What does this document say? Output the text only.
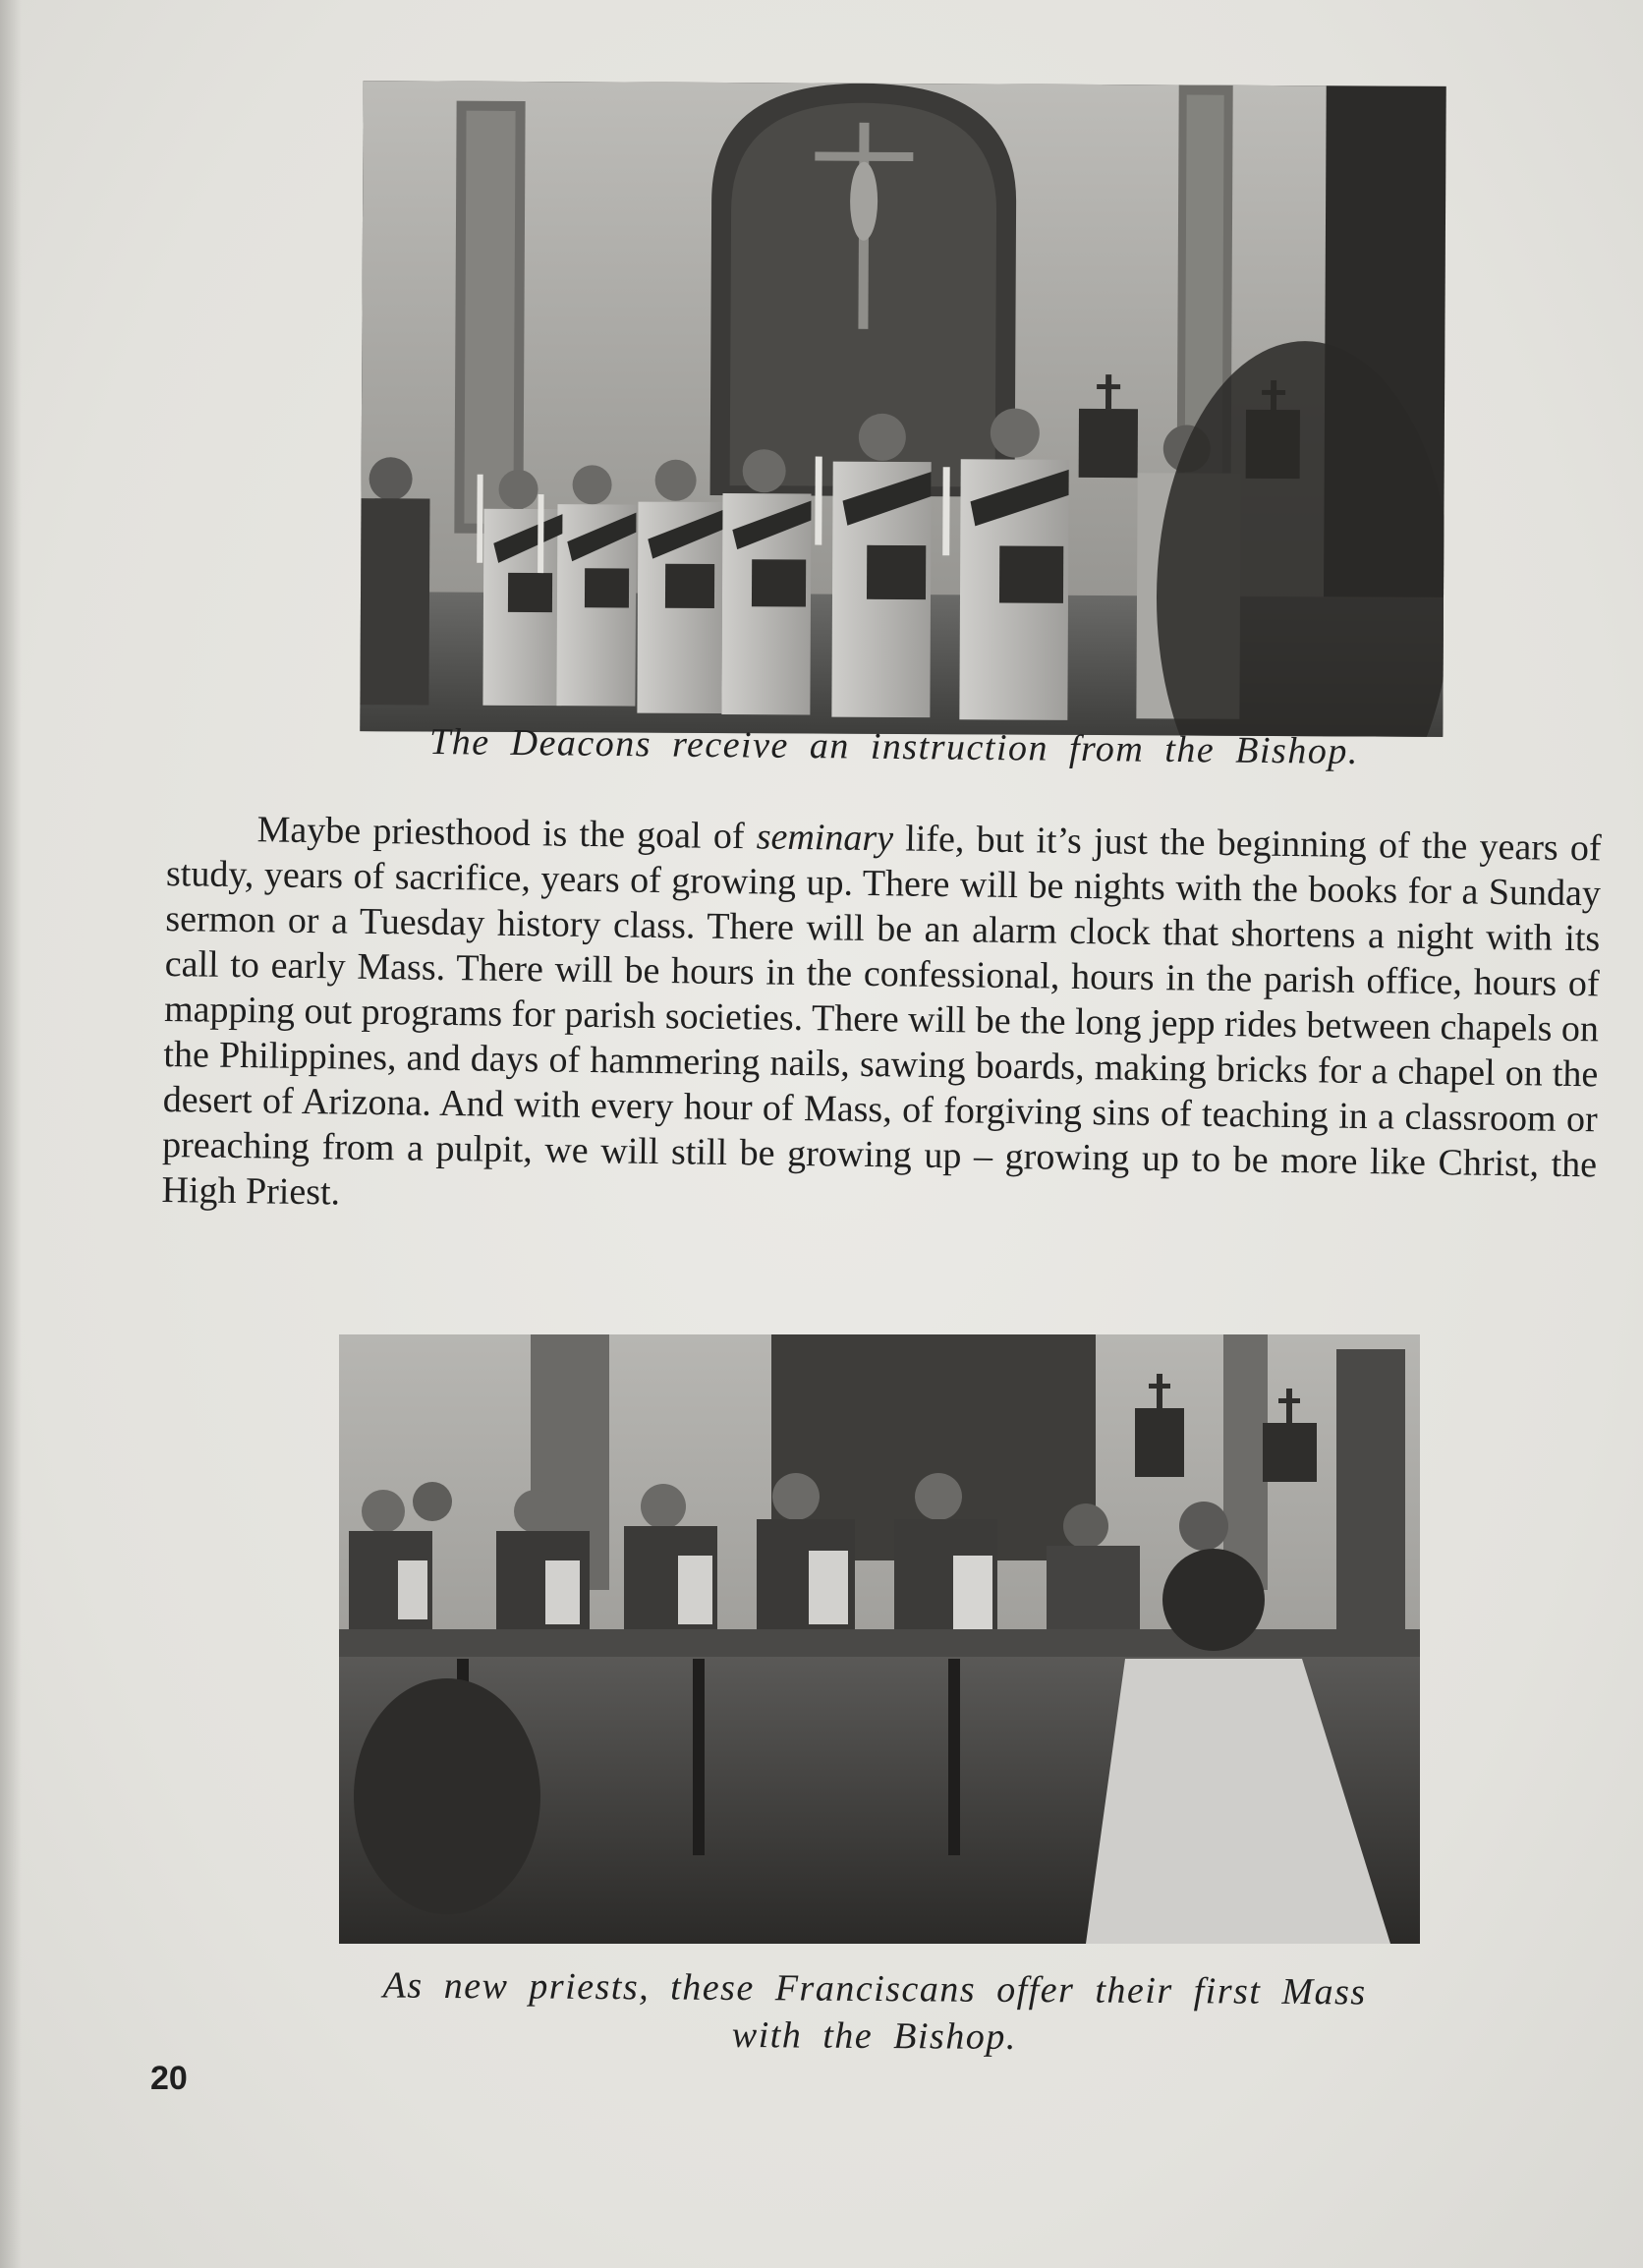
The Deacons receive an instruction from the Bishop.

Maybe priesthood is the goal of seminary life, but it’s just the beginning of the years of study, years of sacrifice, years of growing up. There will be nights with the books for a Sunday sermon or a Tuesday history class. There will be an alarm clock that shortens a night with its call to early Mass. There will be hours in the confessional, hours in the parish office, hours of mapping out programs for parish societies. There will be the long jepp rides between chapels on the Philippines, and days of hammering nails, sawing boards, making bricks for a chapel on the desert of Arizona. And with every hour of Mass, of forgiving sins of teaching in a classroom or preaching from a pulpit, we will still be growing up – growing up to be more like Christ, the High Priest.

As new priests, these Franciscans offer their first Mass
with the Bishop.
20
